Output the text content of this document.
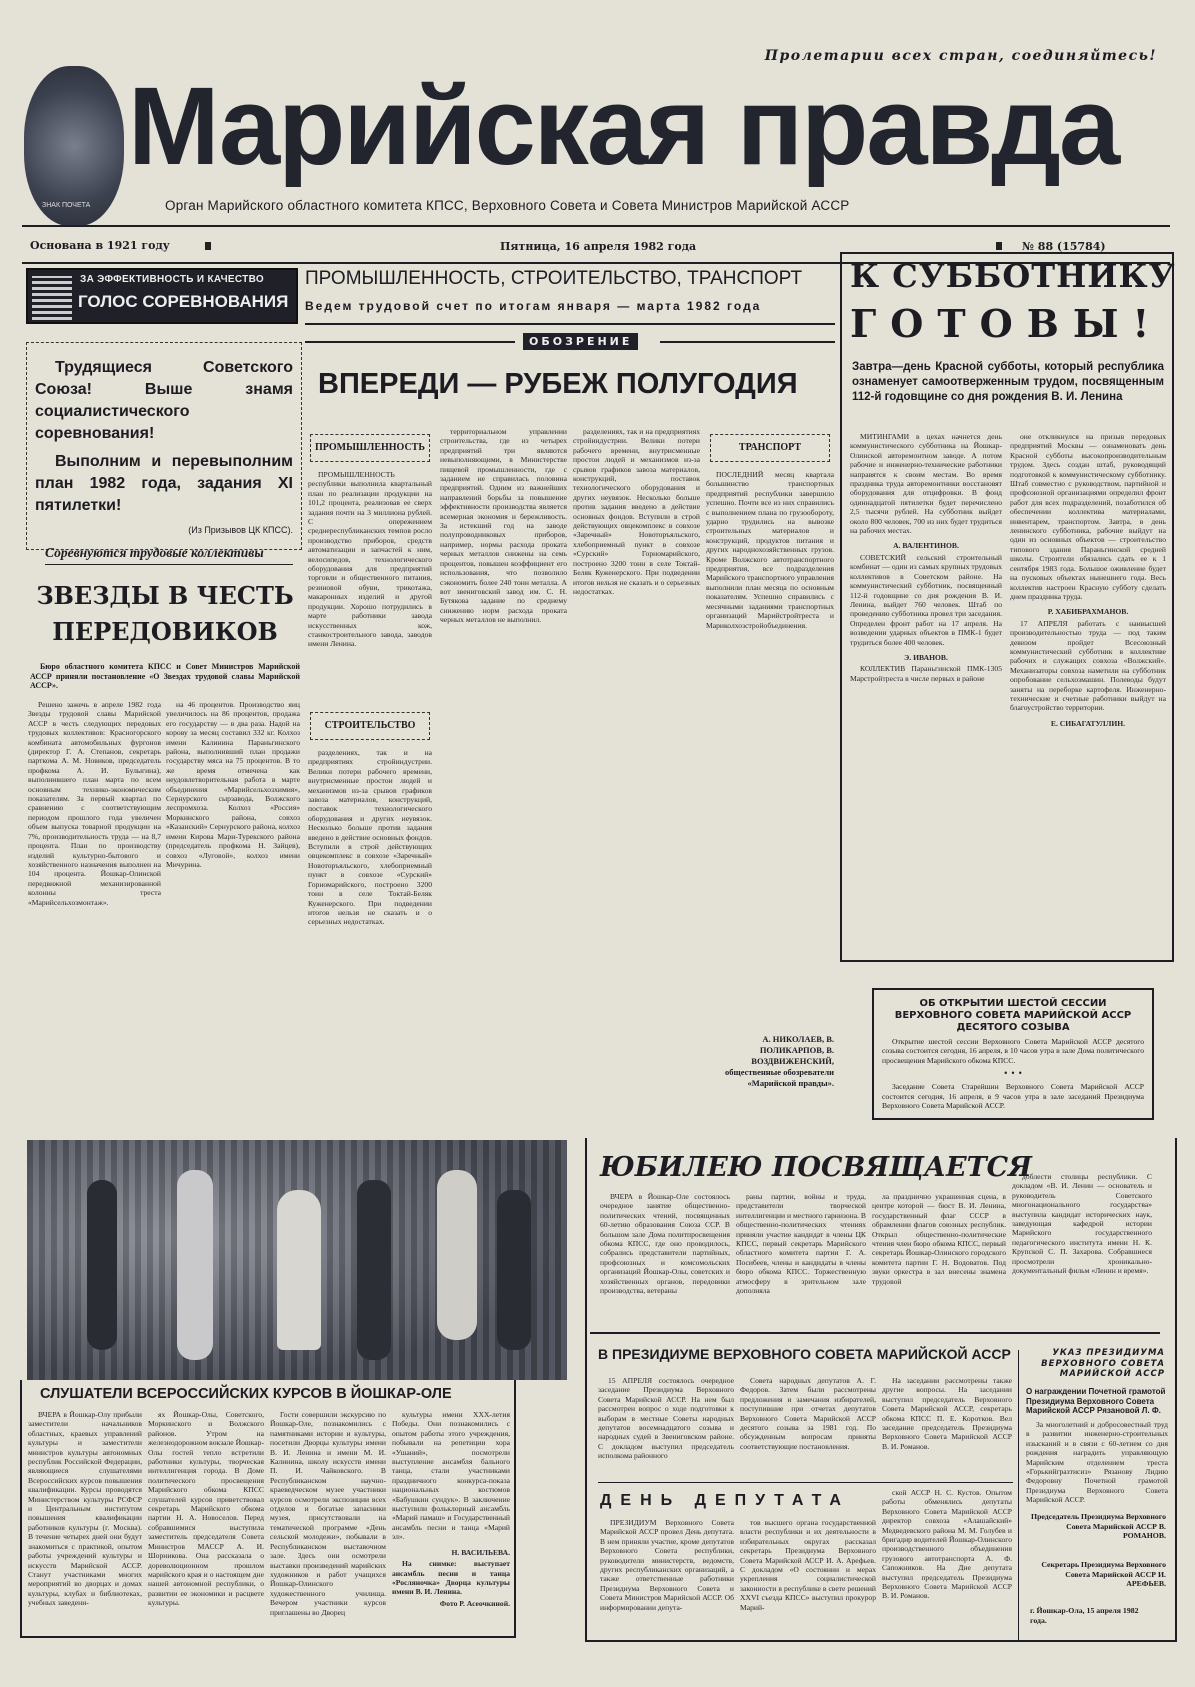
ЗНАК ПОЧЕТА
Пролетарии всех стран, соединяйтесь!
Марийская правда
Орган Марийского областного комитета КПСС, Верховного Совета и Совета Министров Марийской АССР
Основана в 1921 году	Пятница, 16 апреля 1982 года	№ 88 (15784)
ЗА ЭФФЕКТИВНОСТЬ И КАЧЕСТВО
ГОЛОС СОРЕВНОВАНИЯ
ПРОМЫШЛЕННОСТЬ, СТРОИТЕЛЬСТВО, ТРАНСПОРТ
Ведем трудовой счет по итогам января — марта 1982 года
Трудящиеся Советского Союза! Выше знамя социалистического соревнования!
Выполним и перевыполним план 1982 года, задания XI пятилетки!
(Из Призывов ЦК КПСС).
Соревнуются трудовые коллективы
ЗВЕЗДЫ В ЧЕСТЬ ПЕРЕДОВИКОВ
Бюро областного комитета КПСС и Совет Министров Марийской АССР приняли постановление «О Звездах трудовой славы Марийской АССР».

Решено зажечь в апреле 1982 года Звезды трудовой славы Марийской АССР в честь следующих передовых трудовых коллективов: Красногорского комбината автомобильных фургонов (директор Г. А. Степанов, секретарь парткома А. М. Новиков, председатель профкома А. И. Булыгина), выполнившего план марта по всем основным технико-экономическим показателям. За первый квартал по сравнению с соответствующим периодом прошлого года увеличен объем выпуска товарной продукции на 7%, производительность труда — на 8,7 процента. План по производству изделий культурно-бытового и хозяйственного назначения выполнен на 104 процента. Йошкар-Олинской передвижной механизированной колонны треста «Марийсельхозмонтаж».

на 46 процентов. Производство яиц увеличилось на 86 процентов, продажа его государству — в два раза. Надой на корову за месяц составил 332 кг. Колхоз имени Калинина Параньгинского района, выполнивший план продажи государству мяса на 75 процентов. В то же время отмечена как неудовлетворительная работа в марте объединения «Марийсельхозхимия», Сернурского сырзавода, Волжского леспромхоза. Колхоз «Россия» Моркинского района, совхоз «Казанский» Сернурского района, колхоз имени Кирова Мари-Турекского района (председатель профкома Н. Зайцев), совхоз «Луговой», колхоз имени Мичурина.

ОБОЗРЕНИЕ
ВПЕРЕДИ — РУБЕЖ ПОЛУГОДИЯ
ПРОМЫШЛЕННОСТЬ

ПРОМЫШЛЕННОСТЬ республики выполнила квартальный план по реализации продукции на 101,2 процента, реализовав ее сверх задания почти на 3 миллиона рублей. С опережением среднереспубликанских темпов росло производство приборов, средств автоматизации и запчастей к ним, велосипедов, технологического оборудования для предприятий торговли и общественного питания, резиновой обуви, трикотажа, макаронных изделий и другой продукции. Хорошо потрудились в марте работники завода искусственных кож, станкостроительного завода, заводов имени Ленина.

СТРОИТЕЛЬСТВО

разделениях, так и на предприятиях стройиндустрии. Велики потери рабочего времени, внутрисменные простои людей и механизмов из-за срывов графиков завоза материалов, конструкций, поставок технологического оборудования и других неувязок. Несколько больше против задания введено в действие основных фондов. Вступили в строй действующих овцекомплекс в совхозе «Заречный» Новоторъяльского, хлебоприемный пункт в совхозе «Сурский» Горномарийского, построено 3200 тонн в селе Токтай-Беляк Куженерского. При подведении итогов нельзя не сказать и о серьезных недостатках.

территориальном управлении строительства, где из четырех предприятий три являются невыполняющими, в Министерстве пищевой промышленности, где с заданием не справилась половина предприятий. Одним из важнейших направлений борьбы за повышение эффективности производства является всемерная экономия и бережливость. За истекший год на заводе полупроводниковых приборов, например, нормы расхода проката черных металлов снижены на семь процентов, повышен коэффициент его использования, что позволило сэкономить более 240 тонн металла. А вот звениговский завод им. С. Н. Бутякова задание по среднему снижению норм расхода проката черных металлов не выполнил.

разделениях, так и на предприятиях стройиндустрии. Велики потери рабочего времени, внутрисменные простои людей и механизмов из-за срывов графиков завоза материалов, конструкций, поставок технологического оборудования и других неувязок. Несколько больше против задания введено в действие основных фондов. Вступили в строй действующих овцекомплекс в совхозе «Заречный» Новоторъяльского, хлебоприемный пункт в совхозе «Сурский» Горномарийского, построено 3200 тонн в селе Токтай-Беляк Куженерского. При подведении итогов нельзя не сказать и о серьезных недостатках.

ТРАНСПОРТ

ПОСЛЕДНИЙ месяц квартала большинство транспортных предприятий республики завершило успешно. Почти все из них справились с выполнением плана по грузообороту, ударно трудились на вывозке строительных материалов и конструкций, продуктов питания и других народнохозяйственных грузов. Кроме Волжского автотранспортного предприятия, все подразделения Марийского транспортного управления выполнили план месяца по основным показателям. Успешно справились с месячными заданиями транспортных организаций Марийстройтреста и Мариколхозстройобъединения.

А. НИКОЛАЕВ, В. ПОЛИКАРПОВ, В. ВОЗДВИЖЕНСКИЙ, общественные обозреватели «Марийской правды».
К СУББОТНИКУ
ГОТОВЫ!
Завтра—день Красной субботы, который республика ознаменует самоотверженным трудом, посвященным 112-й годовщине со дня рождения В. И. Ленина

МИТИНГАМИ в цехах начнется день коммунистического субботника на Йошкар-Олинской авторемонтном заводе. А потом рабочие и инженерно-технические работники направятся к своим местам. Во время праздника труда авторемонтники восстановят оборудования для отцифровки. В фонд одиннадцатой пятилетки будет перечислено 2,5 тысячи рублей. На субботник выйдет около 800 человек, 700 из них будет трудиться на рабочих местах.

А. ВАЛЕНТИНОВ.

СОВЕТСКИЙ сельский строительный комбинат — один из самых крупных трудовых коллективов в Советском районе. На коммунистический субботник, посвященный 112-й годовщине со дня рождения В. И. Ленина, выйдет 760 человек. Штаб по проведению субботника провел три заседания. Определен фронт работ на 17 апреля. На возведении ударных объектов в ПМК-1 будет трудиться более 400 человек.

Э. ИВАНОВ.

КОЛЛЕКТИВ Параньгинской ПМК-1305 Марстройтреста в числе первых в районе

оне откликнулся на призыв передовых предприятий Москвы — ознаменовать день Красной субботы высокопроизводительным трудом. Здесь создан штаб, руководящий подготовкой к коммунистическому субботнику. Штаб совместно с руководством, партийной и профсоюзной организациями определил фронт работ для всех подразделений, позаботился об обеспечении коллектива материалами, инвентарем, транспортом. Завтра, в день ленинского субботника, рабочие выйдут на один из основных объектов — строительство типового здания Параньгинской средней школы. Строители обязались сдать ее к 1 сентября 1983 года. Большое оживление будет на пусковых объектах нынешнего года. Весь коллектив настроен Красную субботу сделать днем праздника труда.

Р. ХАБИБРАХМАНОВ.

17 АПРЕЛЯ работать с наивысшей производительностью труда — под таким девизом пройдет Всесоюзный коммунистический субботник в коллективе рабочих и служащих совхоза «Волжский». Механизаторы совхоза наметили на субботник опробование сельхозмашин. Полеводы будут заняты на переборке картофеля. Инженерно-технические и счетные работники выйдут на благоустройство территории.

Е. СИБАГАТУЛЛИН.

ОБ ОТКРЫТИИ ШЕСТОЙ СЕССИИ ВЕРХОВНОГО СОВЕТА МАРИЙСКОЙ АССР ДЕСЯТОГО СОЗЫВА
Открытие шестой сессии Верховного Совета Марийской АССР десятого созыва состоится сегодня, 16 апреля, в 10 часов утра в зале Дома политического просвещения Марийского обкома КПСС.
• • •
Заседание Совета Старейшин Верховного Совета Марийской АССР состоится сегодня, 16 апреля, в 9 часов утра в зале заседаний Президиума Верховного Совета Марийской АССР.
ЮБИЛЕЮ ПОСВЯЩАЕТСЯ

ВЧЕРА в Йошкар-Оле состоялось очередное занятие общественно-политических чтений, посвященных 60-летию образования Союза ССР. В большом зале Дома политпросвещения обкома КПСС, где оно проводилось, собрались представители партийных, профсоюзных и комсомольских организаций Йошкар-Олы, советских и хозяйственных органов, передовики производства, ветераны

раны партии, войны и труда, представители творческой интеллигенции и местного гарнизона. В общественно-политических чтениях приняли участие кандидат в члены ЦК КПСС, первый секретарь Марийского областного комитета партии Г. А. Посибеев, члены и кандидаты в члены бюро обкома КПСС. Торжественную атмосферу в зрительном зале дополняла

ла празднично украшенная сцена, в центре которой — бюст В. И. Ленина, государственный флаг СССР в обрамлении флагов союзных республик. Открыл общественно-политические чтения член бюро обкома КПСС, первый секретарь Йошкар-Олинского городского комитета партии Г. Н. Водоватов. Под звуки оркестра в зал внесены знамена трудовой

доблести столицы республики. С докладом «В. И. Ленин — основатель и руководитель Советского многонационального государства» выступила кандидат исторических наук, заведующая кафедрой истории Марийского государственного педагогического института имени Н. К. Крупской С. П. Захарова. Собравшиеся просмотрели хроникально-документальный фильм «Ленин и время».

В ПРЕЗИДИУМЕ ВЕРХОВНОГО СОВЕТА МАРИЙСКОЙ АССР

15 АПРЕЛЯ состоялось очередное заседание Президиума Верховного Совета Марийской АССР. На нем был рассмотрен вопрос о ходе подготовки к выборам в местные Советы народных депутатов восемнадцатого созыва и народных судей в Звениговском районе. С докладом выступил председатель исполкома районного

Совета народных депутатов А. Г. Федоров. Затем были рассмотрены предложения и замечания избирателей, поступившие при отчетах депутатов Верховного Совета Марийской АССР десятого созыва за 1981 год. По обсужденным вопросам приняты соответствующие постановления.

На заседании рассмотрены также другие вопросы. На заседании выступил председатель Верховного Совета Марийской АССР, секретарь обкома КПСС П. Е. Коротков. Вел заседание председатель Президиума Верховного Совета Марийской АССР В. И. Романов.

ДЕНЬ ДЕПУТАТА

ПРЕЗИДИУМ Верховного Совета Марийской АССР провел День депутата. В нем приняли участие, кроме депутатов Верховного Совета республики, руководители министерств, ведомств, других республиканских организаций, а также ответственные работники Президиума Верховного Совета и Совета Министров Марийской АССР. Об информировании депута-

тов высшего органа государственной власти республики и их деятельности в избирательных округах рассказал секретарь Президиума Верховного Совета Марийской АССР И. А. Арефьев. С докладом «О состоянии и мерах укрепления социалистической законности в республике в свете решений XXVI съезда КПСС» выступил прокурор Марий-

ской АССР Н. С. Кустов. Опытом работы обменялись депутаты Верховного Совета Марийской АССР директор совхоза «Алашайский» Медведевского района М. М. Голубев и бригадир водителей Йошкар-Олинского производственного объединения грузового автотранспорта А. Ф. Сапожников. На Дне депутата выступил председатель Президиума Верховного Совета Марийской АССР В. И. Романов.

УКАЗ ПРЕЗИДИУМА ВЕРХОВНОГО СОВЕТА МАРИЙСКОЙ АССР
О награждении Почетной грамотой Президиума Верховного Совета Марийской АССР Рязановой Л. Ф.

За многолетний и добросовестный труд в развитии инженерно-строительных изысканий и в связи с 60-летием со дня рождения наградить управляющую Марийским отделением треста «Горькийгразтисиз» Рязанову Лидию Федоровну Почетной грамотой Президиума Верховного Совета Марийской АССР.

Председатель Президиума Верховного Совета Марийской АССР В. РОМАНОВ.
Секретарь Президиума Верховного Совета Марийской АССР И. АРЕФЬЕВ.
г. Йошкар-Ола, 15 апреля 1982 года.
СЛУШАТЕЛИ ВСЕРОССИЙСКИХ КУРСОВ В ЙОШКАР-ОЛЕ

ВЧЕРА в Йошкар-Олу прибыли заместители начальников областных, краевых управлений культуры и заместители министров культуры автономных республик Российской Федерации, являющиеся слушателями Всероссийских курсов повышения квалификации. Курсы проводятся Министерством культуры РСФСР и Центральным институтом повышения квалификации работников культуры (г. Москва). В течение четырех дней они будут знакомиться с практикой, опытом работы учреждений культуры и искусств Марийской АССР. Станут участниками многих мероприятий во дворцах и домах культуры, клубах и библиотеках, учебных заведени-

ях Йошкар-Олы, Советского, Моркинского и Волжского районов. Утром на железнодорожном вокзале Йошкар-Олы гостей тепло встретили работники культуры, творческая интеллигенция города. В Доме политического просвещения Марийского обкома КПСС слушателей курсов приветствовал секретарь Марийского обкома партии Н. А. Новоселов. Перед собравшимися выступила заместитель председателя Совета Министров МАССР А. И. Шорникова. Она рассказала о дореволюционном прошлом марийского края и о настоящем дне нашей автономной республики, о развитии ее экономики и расцвете культуры.

Гости совершили экскурсию по Йошкар-Оле, познакомились с памятниками истории и культуры, посетили Дворцы культуры имени В. И. Ленина и имени М. И. Калинина, школу искусств имени П. И. Чайковского. В Республиканском научно-краеведческом музее участники курсов осмотрели экспозиции всех отделов и богатые запасники музея, присутствовали на тематической программе «День сельской молодежи», побывали в Республиканском выставочном зале. Здесь они осмотрели выставки произведений марийских художников и работ учащихся Йошкар-Олинского художественного училища. Вечером участники курсов приглашены во Дворец

культуры имени XXX-летия Победы. Они познакомились с опытом работы этого учреждения, побывали на репетиции хора «Ушаний», посмотрели выступление ансамбля бального танца, стали участниками праздничного конкурса-показа национальных костюмов «Бабушкин сундук». В заключение выступили фольклорный ансамбль «Марий памаш» и Государственный ансамбль песни и танца «Марий эл».

Н. ВАСИЛЬЕВА.

На снимке: выступает ансамбль песни и танца «Росляночка» Дворца культуры имени В. И. Ленина.

Фото Р. Асеочкиной.
